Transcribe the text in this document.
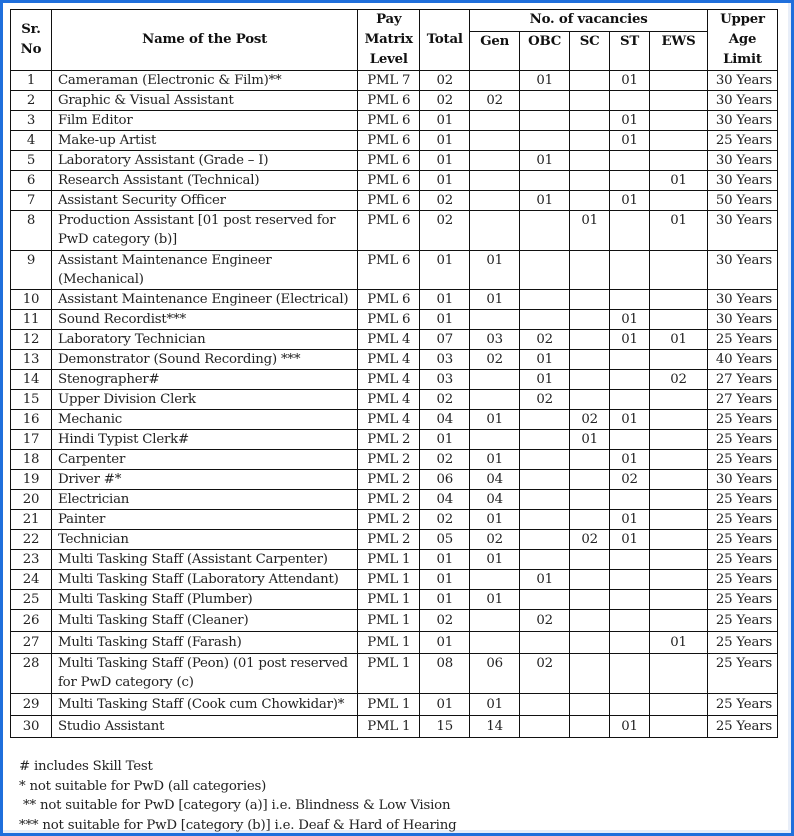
Sr. No	Name of the Post	Pay Matrix Level	Total	No. of vacancies					Upper Age Limit
				Gen	OBC	SC	ST	EWS	
1	Cameraman (Electronic & Film)**	PML 7	02		01		01		30 Years
2	Graphic & Visual Assistant	PML 6	02	02					30 Years
3	Film Editor	PML 6	01				01		30 Years
4	Make-up Artist	PML 6	01				01		25 Years
5	Laboratory Assistant (Grade – I)	PML 6	01		01				30 Years
6	Research Assistant (Technical)	PML 6	01					01	30 Years
7	Assistant Security Officer	PML 6	02		01		01		50 Years
8	Production Assistant [01 post reserved for PwD category (b)]	PML 6	02			01		01	30 Years
9	Assistant Maintenance Engineer (Mechanical)	PML 6	01	01					30 Years
10	Assistant Maintenance Engineer (Electrical)	PML 6	01	01					30 Years
11	Sound Recordist***	PML 6	01				01		30 Years
12	Laboratory Technician	PML 4	07	03	02		01	01	25 Years
13	Demonstrator (Sound Recording) ***	PML 4	03	02	01				40 Years
14	Stenographer#	PML 4	03		01			02	27 Years
15	Upper Division Clerk	PML 4	02		02				27 Years
16	Mechanic	PML 4	04	01		02	01		25 Years
17	Hindi Typist Clerk#	PML 2	01			01			25 Years
18	Carpenter	PML 2	02	01			01		25 Years
19	Driver #*	PML 2	06	04			02		30 Years
20	Electrician	PML 2	04	04					25 Years
21	Painter	PML 2	02	01			01		25 Years
22	Technician	PML 2	05	02		02	01		25 Years
23	Multi Tasking Staff (Assistant Carpenter)	PML 1	01	01					25 Years
24	Multi Tasking Staff (Laboratory Attendant)	PML 1	01		01				25 Years
25	Multi Tasking Staff (Plumber)	PML 1	01	01					25 Years
26	Multi Tasking Staff (Cleaner)	PML 1	02		02				25 Years
27	Multi Tasking Staff (Farash)	PML 1	01					01	25 Years
28	Multi Tasking Staff (Peon) (01 post reserved for PwD category (c)	PML 1	08	06	02				25 Years
29	Multi Tasking Staff (Cook cum Chowkidar)*	PML 1	01	01					25 Years
30	Studio Assistant	PML 1	15	14			01		25 Years
# includes Skill Test
* not suitable for PwD (all categories)
** not suitable for PwD [category (a)] i.e. Blindness & Low Vision
*** not suitable for PwD [category (b)] i.e. Deaf & Hard of Hearing
